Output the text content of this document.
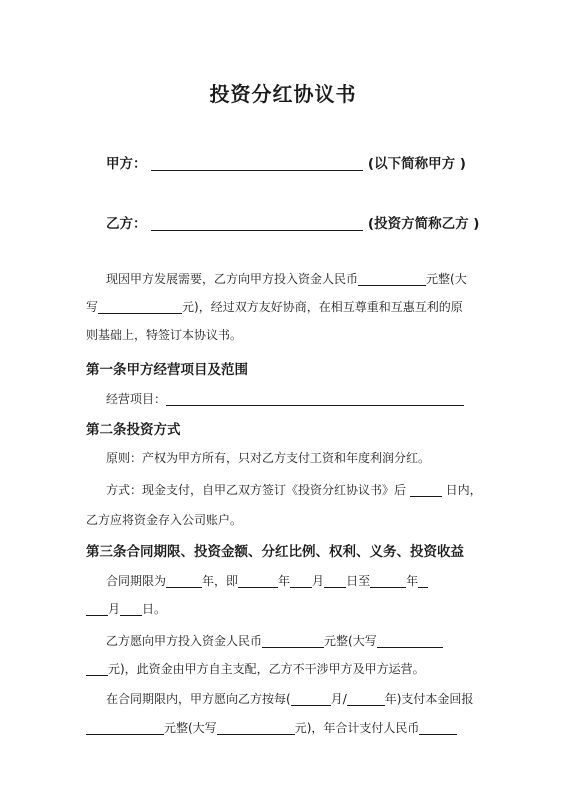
投资分红协议书
甲方：	(以下简称甲方 )
乙方：	(投资方简称乙方 )
现因甲方发展需要，乙方向甲方投入资金人民币	元整(大
写	元)，经过双方友好协商，在相互尊重和互惠互利的原
则基础上，特签订本协议书。
第一条甲方经营项目及范围
经营项目：
第二条投资方式
原则：产权为甲方所有，只对乙方支付工资和年度利润分红。
方式：现金支付，自甲乙双方签订《投资分红协议书》后	日内，
乙方应将资金存入公司账户。
第三条合同期限、投资金额、分红比例、权利、义务、投资收益
合同期限为	年，即	年 月 日至	年
月 日。
乙方愿向甲方投入资金人民币	元整(大写
元)，此资金由甲方自主支配，乙方不干涉甲方及甲方运营。
在合同期限内，甲方愿向乙方按每(	月/	年)支付本金回报
元整(大写	元)，年合计支付人民币
